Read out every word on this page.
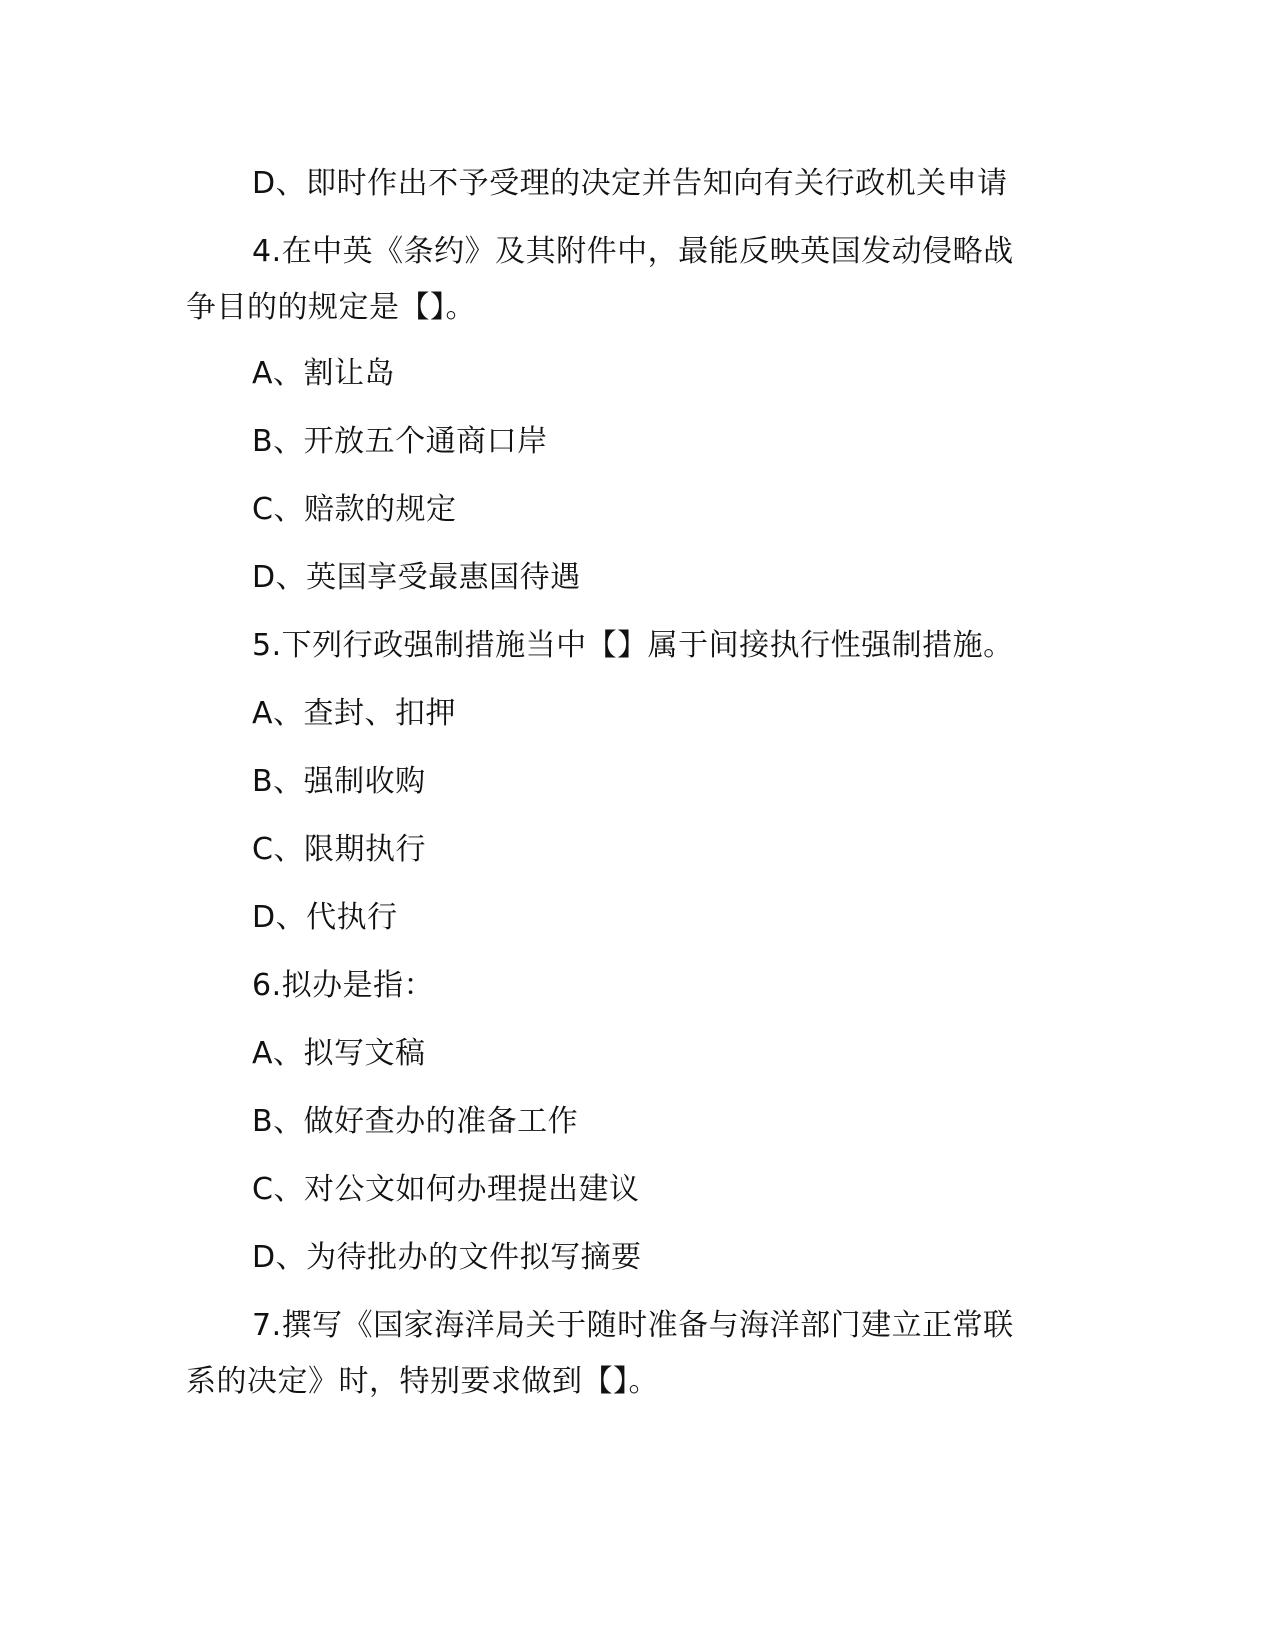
D、即时作出不予受理的决定并告知向有关行政机关申请
4.在中英《条约》及其附件中，最能反映英国发动侵略战
争目的的规定是【】。
A、割让岛
B、开放五个通商口岸
C、赔款的规定
D、英国享受最惠国待遇
5.下列行政强制措施当中【】属于间接执行性强制措施。
A、查封、扣押
B、强制收购
C、限期执行
D、代执行
6.拟办是指：
A、拟写文稿
B、做好查办的准备工作
C、对公文如何办理提出建议
D、为待批办的文件拟写摘要
7.撰写《国家海洋局关于随时准备与海洋部门建立正常联
系的决定》时，特别要求做到【】。
